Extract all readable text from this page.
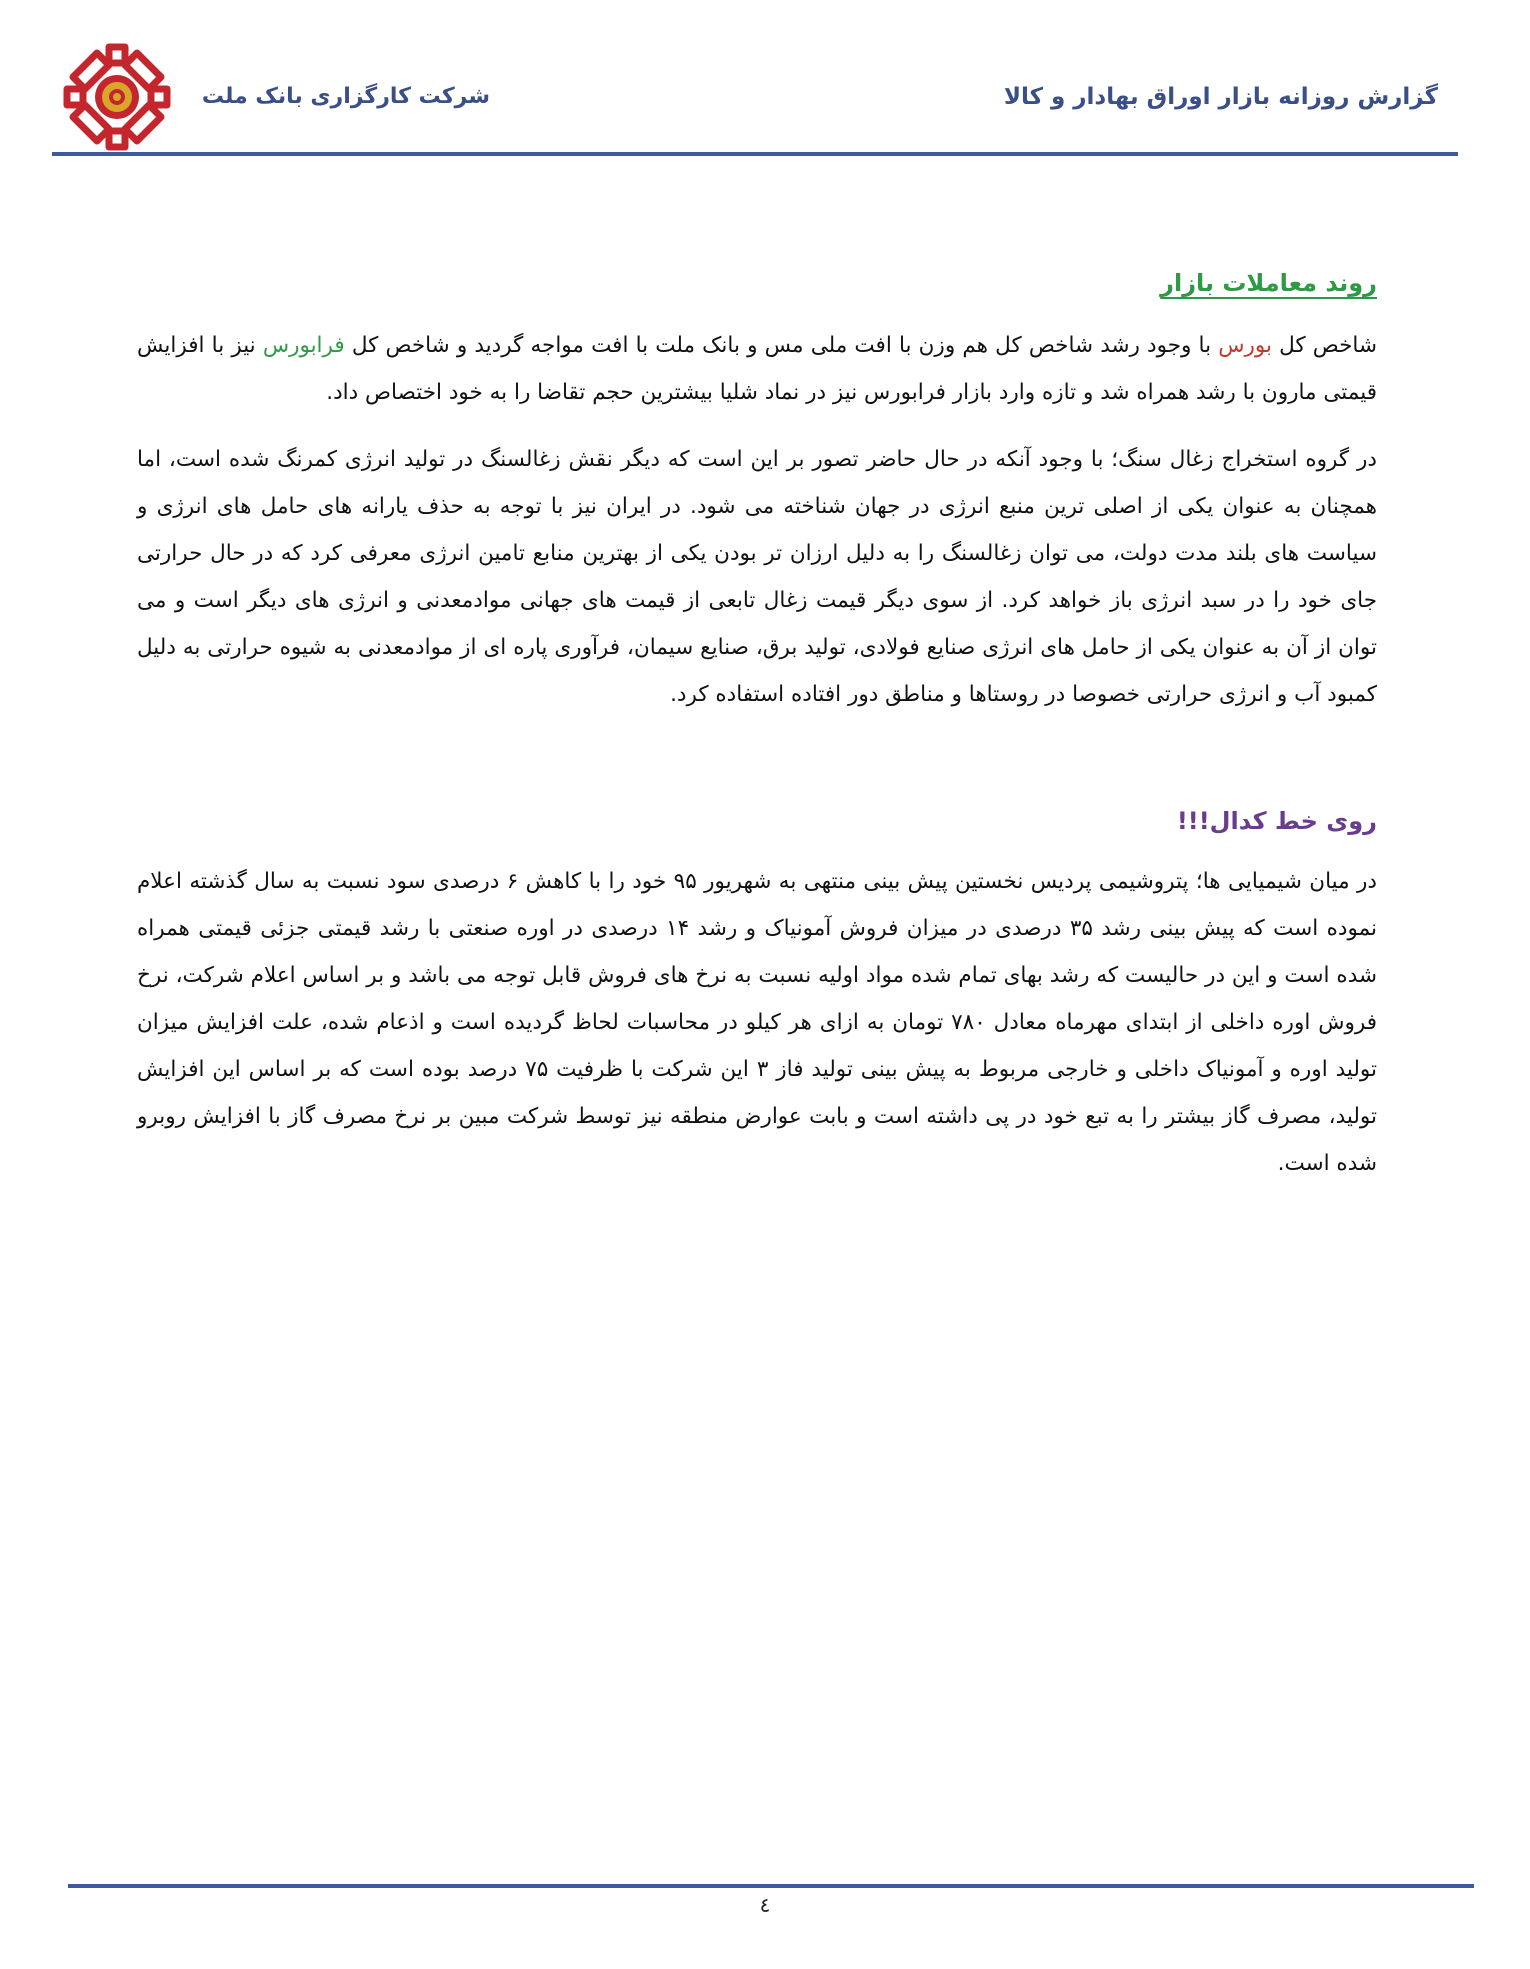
شرکت کارگزاری بانک ملت	گزارش روزانه بازار اوراق بهادار و کالا
روند معاملات بازار

شاخص کل بورس با وجود رشد شاخص کل هم وزن با افت ملی مس و بانک ملت با افت مواجه گردید و شاخص کل فرابورس نیز با افزایش قیمتی مارون با رشد همراه شد و تازه وارد بازار فرابورس نیز در نماد شلیا بیشترین حجم تقاضا را به خود اختصاص داد.

در گروه استخراج زغال سنگ؛ با وجود آنکه در حال حاضر تصور بر این است که دیگر نقش زغالسنگ در تولید انرژی کمرنگ شده است، اما همچنان به عنوان یکی از اصلی ترین منبع انرژی در جهان شناخته می شود. در ایران نیز با توجه به حذف یارانه های حامل های انرژی و سیاست های بلند مدت دولت، می توان زغالسنگ را به دلیل ارزان تر بودن یکی از بهترین منابع تامین انرژی معرفی کرد که در حال حرارتی جای خود را در سبد انرژی باز خواهد کرد. از سوی دیگر قیمت زغال تابعی از قیمت های جهانی موادمعدنی و انرژی های دیگر است و می توان از آن به عنوان یکی از حامل های انرژی صنایع فولادی، تولید برق، صنایع سیمان، فرآوری پاره ای از موادمعدنی به شیوه حرارتی به دلیل کمبود آب و انرژی حرارتی خصوصا در روستاها و مناطق دور افتاده استفاده کرد.

روی خط کدال!!!

در میان شیمیایی ها؛ پتروشیمی پردیس نخستین پیش بینی منتهی به شهریور ۹۵ خود را با کاهش ۶ درصدی سود نسبت به سال گذشته اعلام نموده است که پیش بینی رشد ۳۵ درصدی در میزان فروش آمونیاک و رشد ۱۴ درصدی در اوره صنعتی با رشد قیمتی جزئی قیمتی همراه شده است و این در حالیست که رشد بهای تمام شده مواد اولیه نسبت به نرخ های فروش قابل توجه می باشد و بر اساس اعلام شرکت، نرخ فروش اوره داخلی از ابتدای مهرماه معادل ۷۸۰ تومان به ازای هر کیلو در محاسبات لحاظ گردیده است و اذعام شده، علت افزایش میزان تولید اوره و آمونیاک داخلی و خارجی مربوط به پیش بینی تولید فاز ۳ این شرکت با ظرفیت ۷۵ درصد بوده است که بر اساس این افزایش تولید، مصرف گاز بیشتر را به تبع خود در پی داشته است و بابت عوارض منطقه نیز توسط شرکت مبین بر نرخ مصرف گاز با افزایش روبرو شده است.

٤
